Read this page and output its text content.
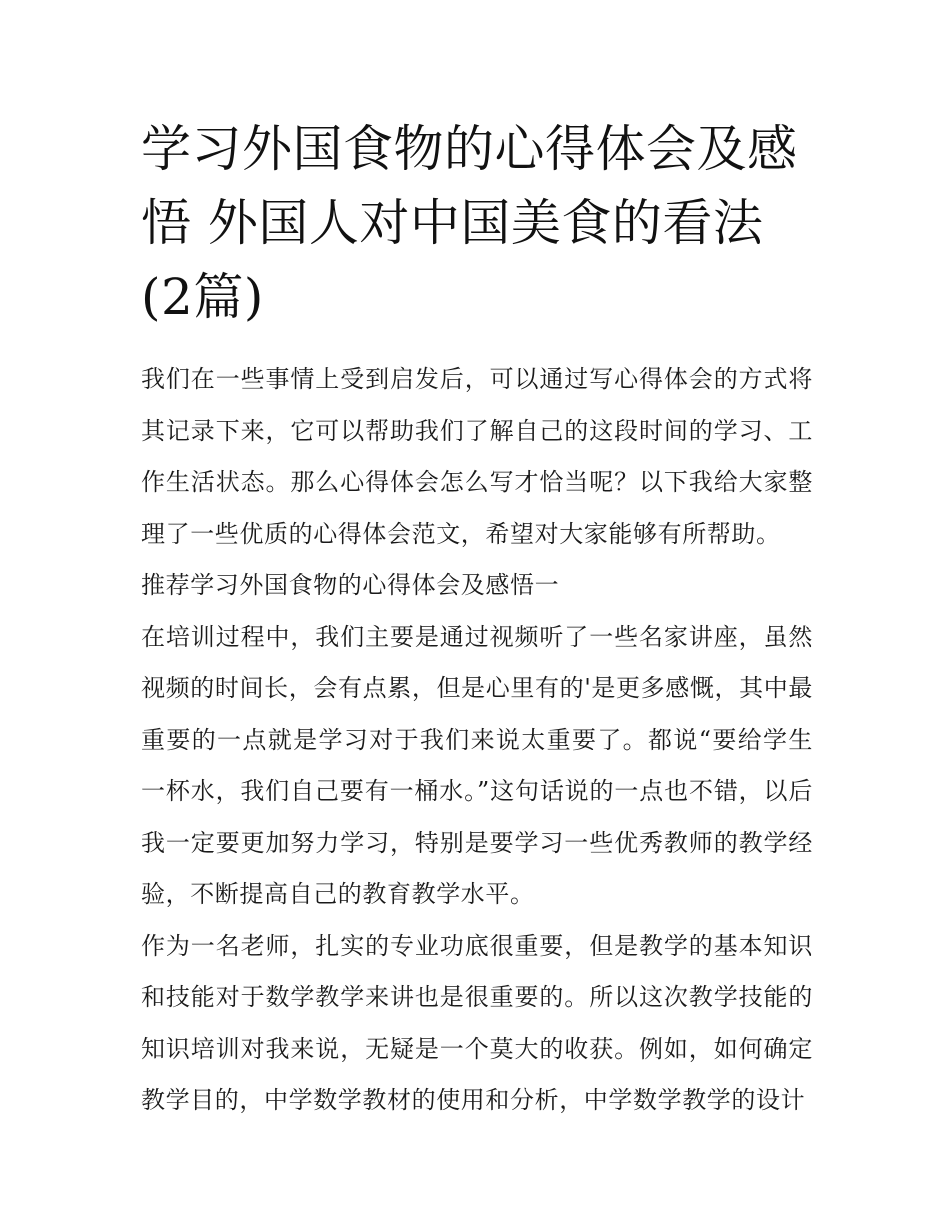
学习外国食物的心得体会及感悟 外国人对中国美食的看法(2篇)

我们在一些事情上受到启发后，可以通过写心得体会的方式将其记录下来，它可以帮助我们了解自己的这段时间的学习、工作生活状态。那么心得体会怎么写才恰当呢？以下我给大家整理了一些优质的心得体会范文，希望对大家能够有所帮助。

推荐学习外国食物的心得体会及感悟一

在培训过程中，我们主要是通过视频听了一些名家讲座，虽然视频的时间长，会有点累，但是心里有的'是更多感慨，其中最重要的一点就是学习对于我们来说太重要了。都说“要给学生一杯水，我们自己要有一桶水。”这句话说的一点也不错，以后我一定要更加努力学习，特别是要学习一些优秀教师的教学经验，不断提高自己的教育教学水平。

作为一名老师，扎实的专业功底很重要，但是教学的基本知识和技能对于数学教学来讲也是很重要的。所以这次教学技能的知识培训对我来说，无疑是一个莫大的收获。例如，如何确定教学目的，中学数学教材的使用和分析，中学数学教学的设计
